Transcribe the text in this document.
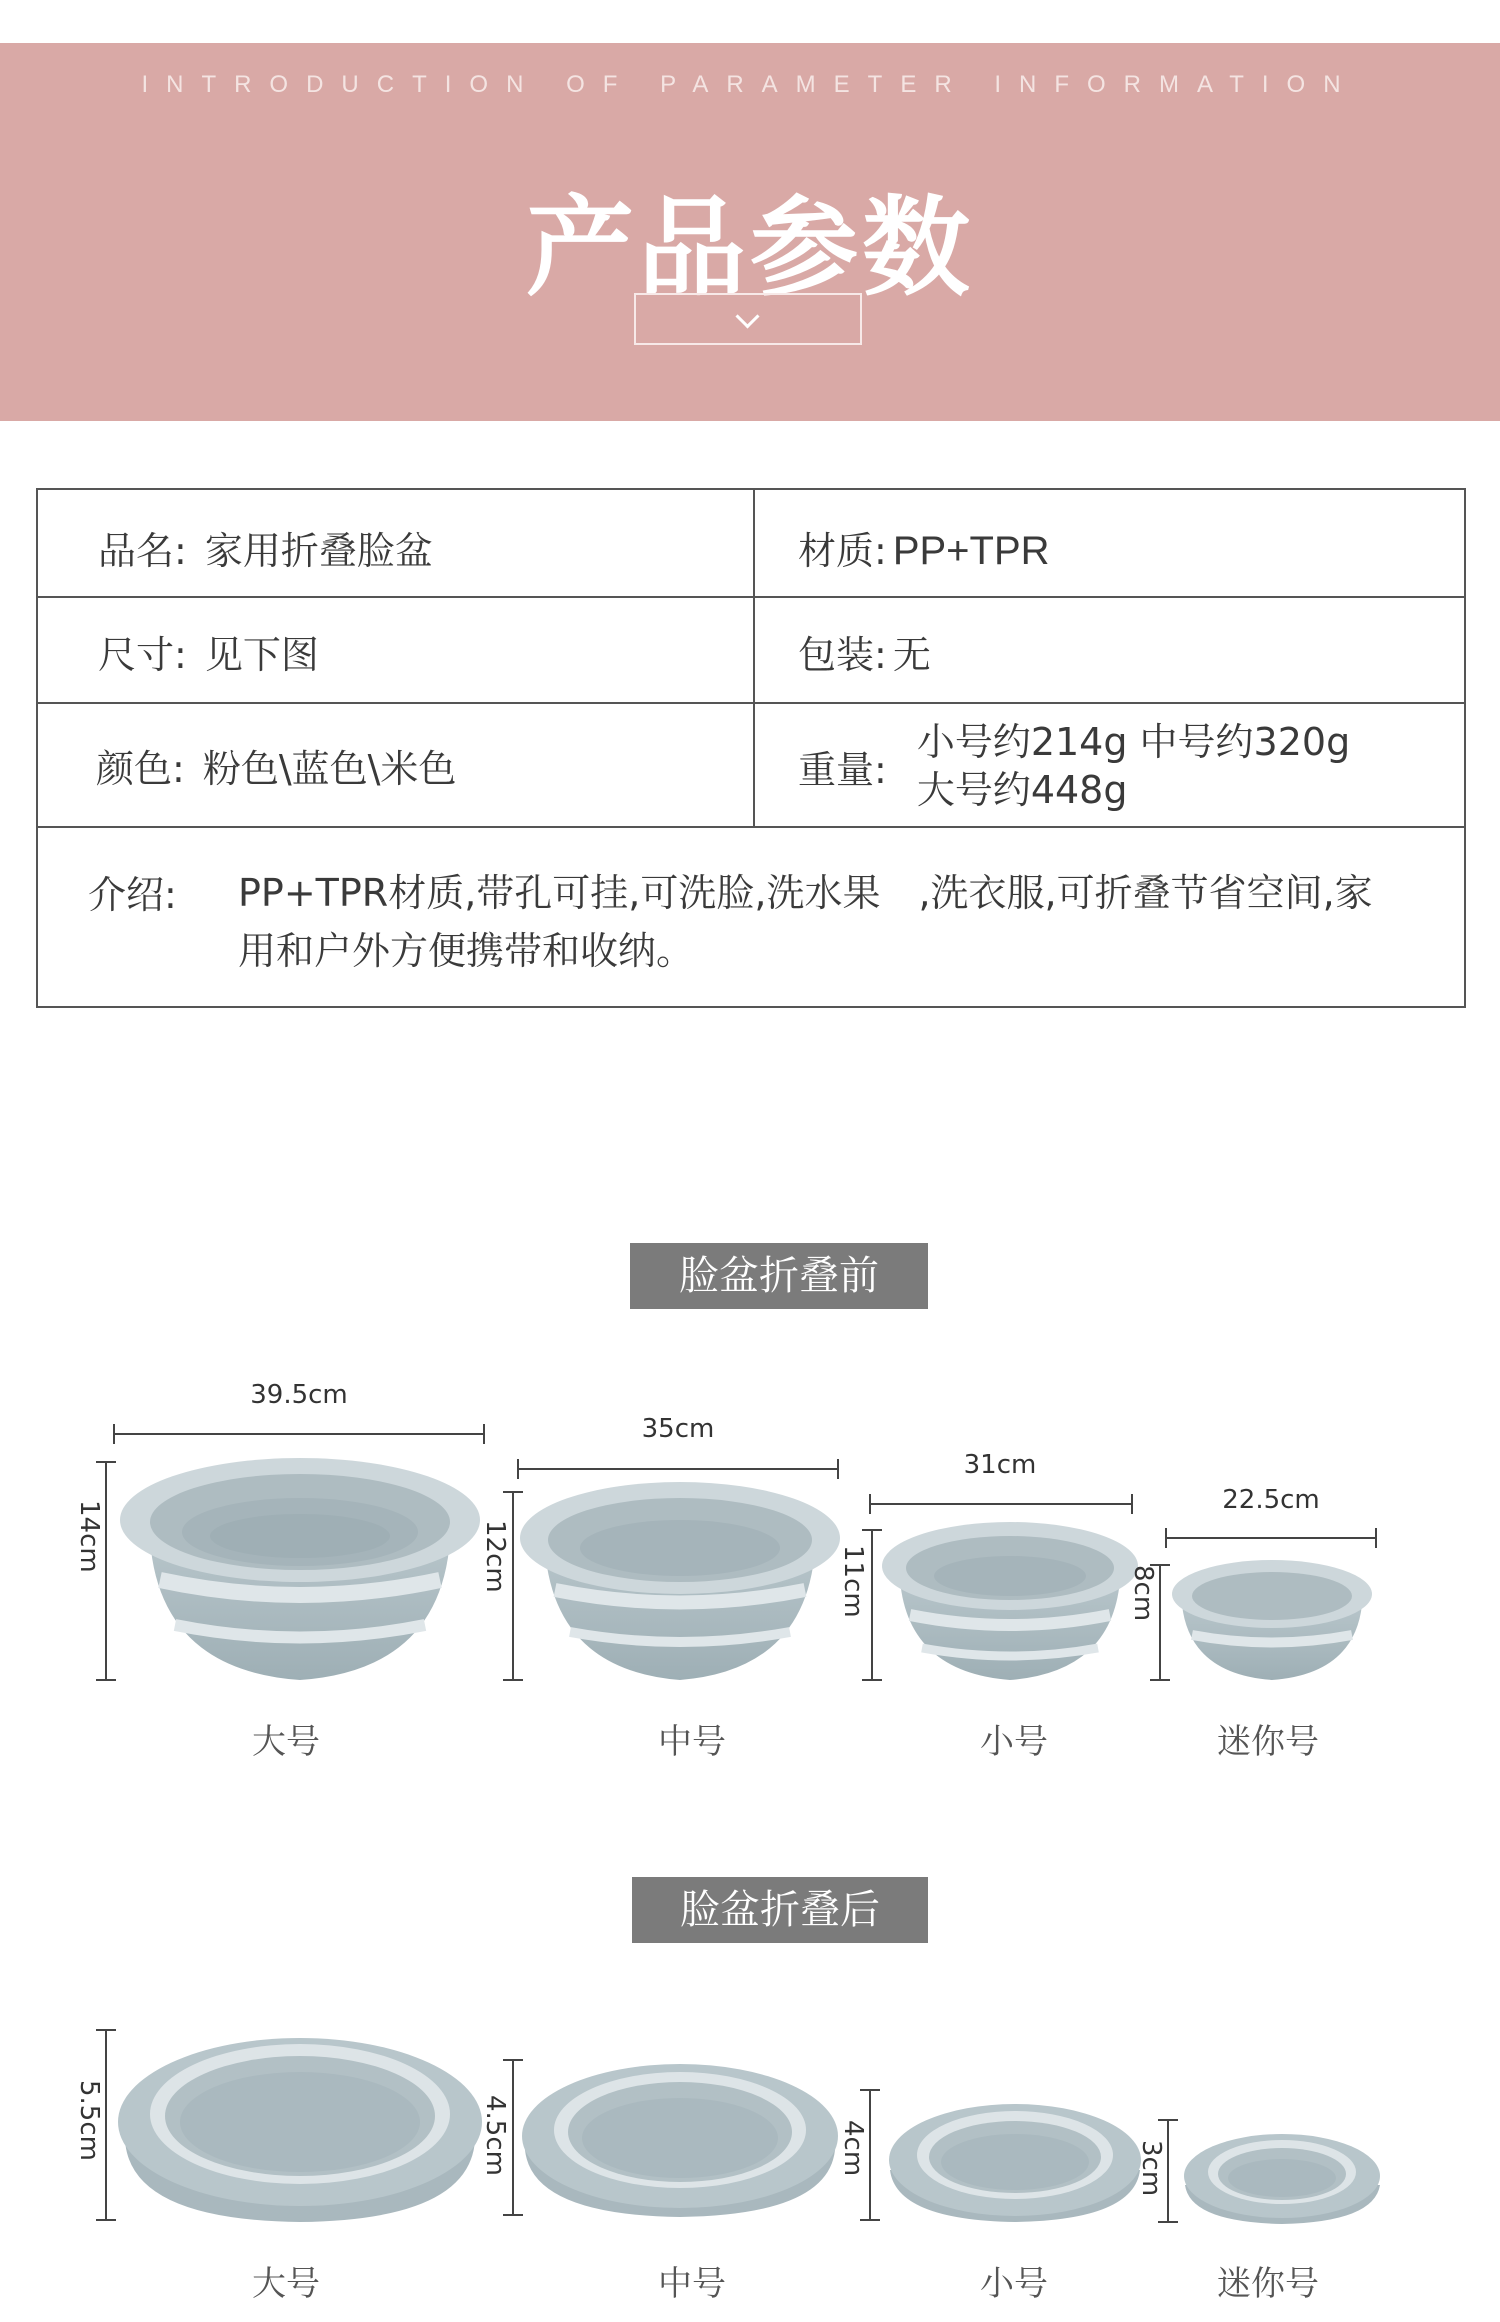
INTRODUCTION OF PARAMETER INFORMATION
产品参数
品名: 家用折叠脸盆	材质: PP+TPR
尺寸: 见下图	包装: 无
颜色: 粉色\蓝色\米色	重量:
小号约214g 中号约320g
大号约448g
介绍:	PP+TPR材质,带孔可挂,可洗脸,洗水果　,洗衣服,可折叠节省空间,家用和户外方便携带和收纳。
脸盆折叠前
39.5cm
35cm
31cm
22.5cm
14cm	12cm	11cm	8cm
大号	中号	小号	迷你号
脸盆折叠后
5.5cm	4.5cm	4cm	3cm
大号	中号	小号	迷你号
